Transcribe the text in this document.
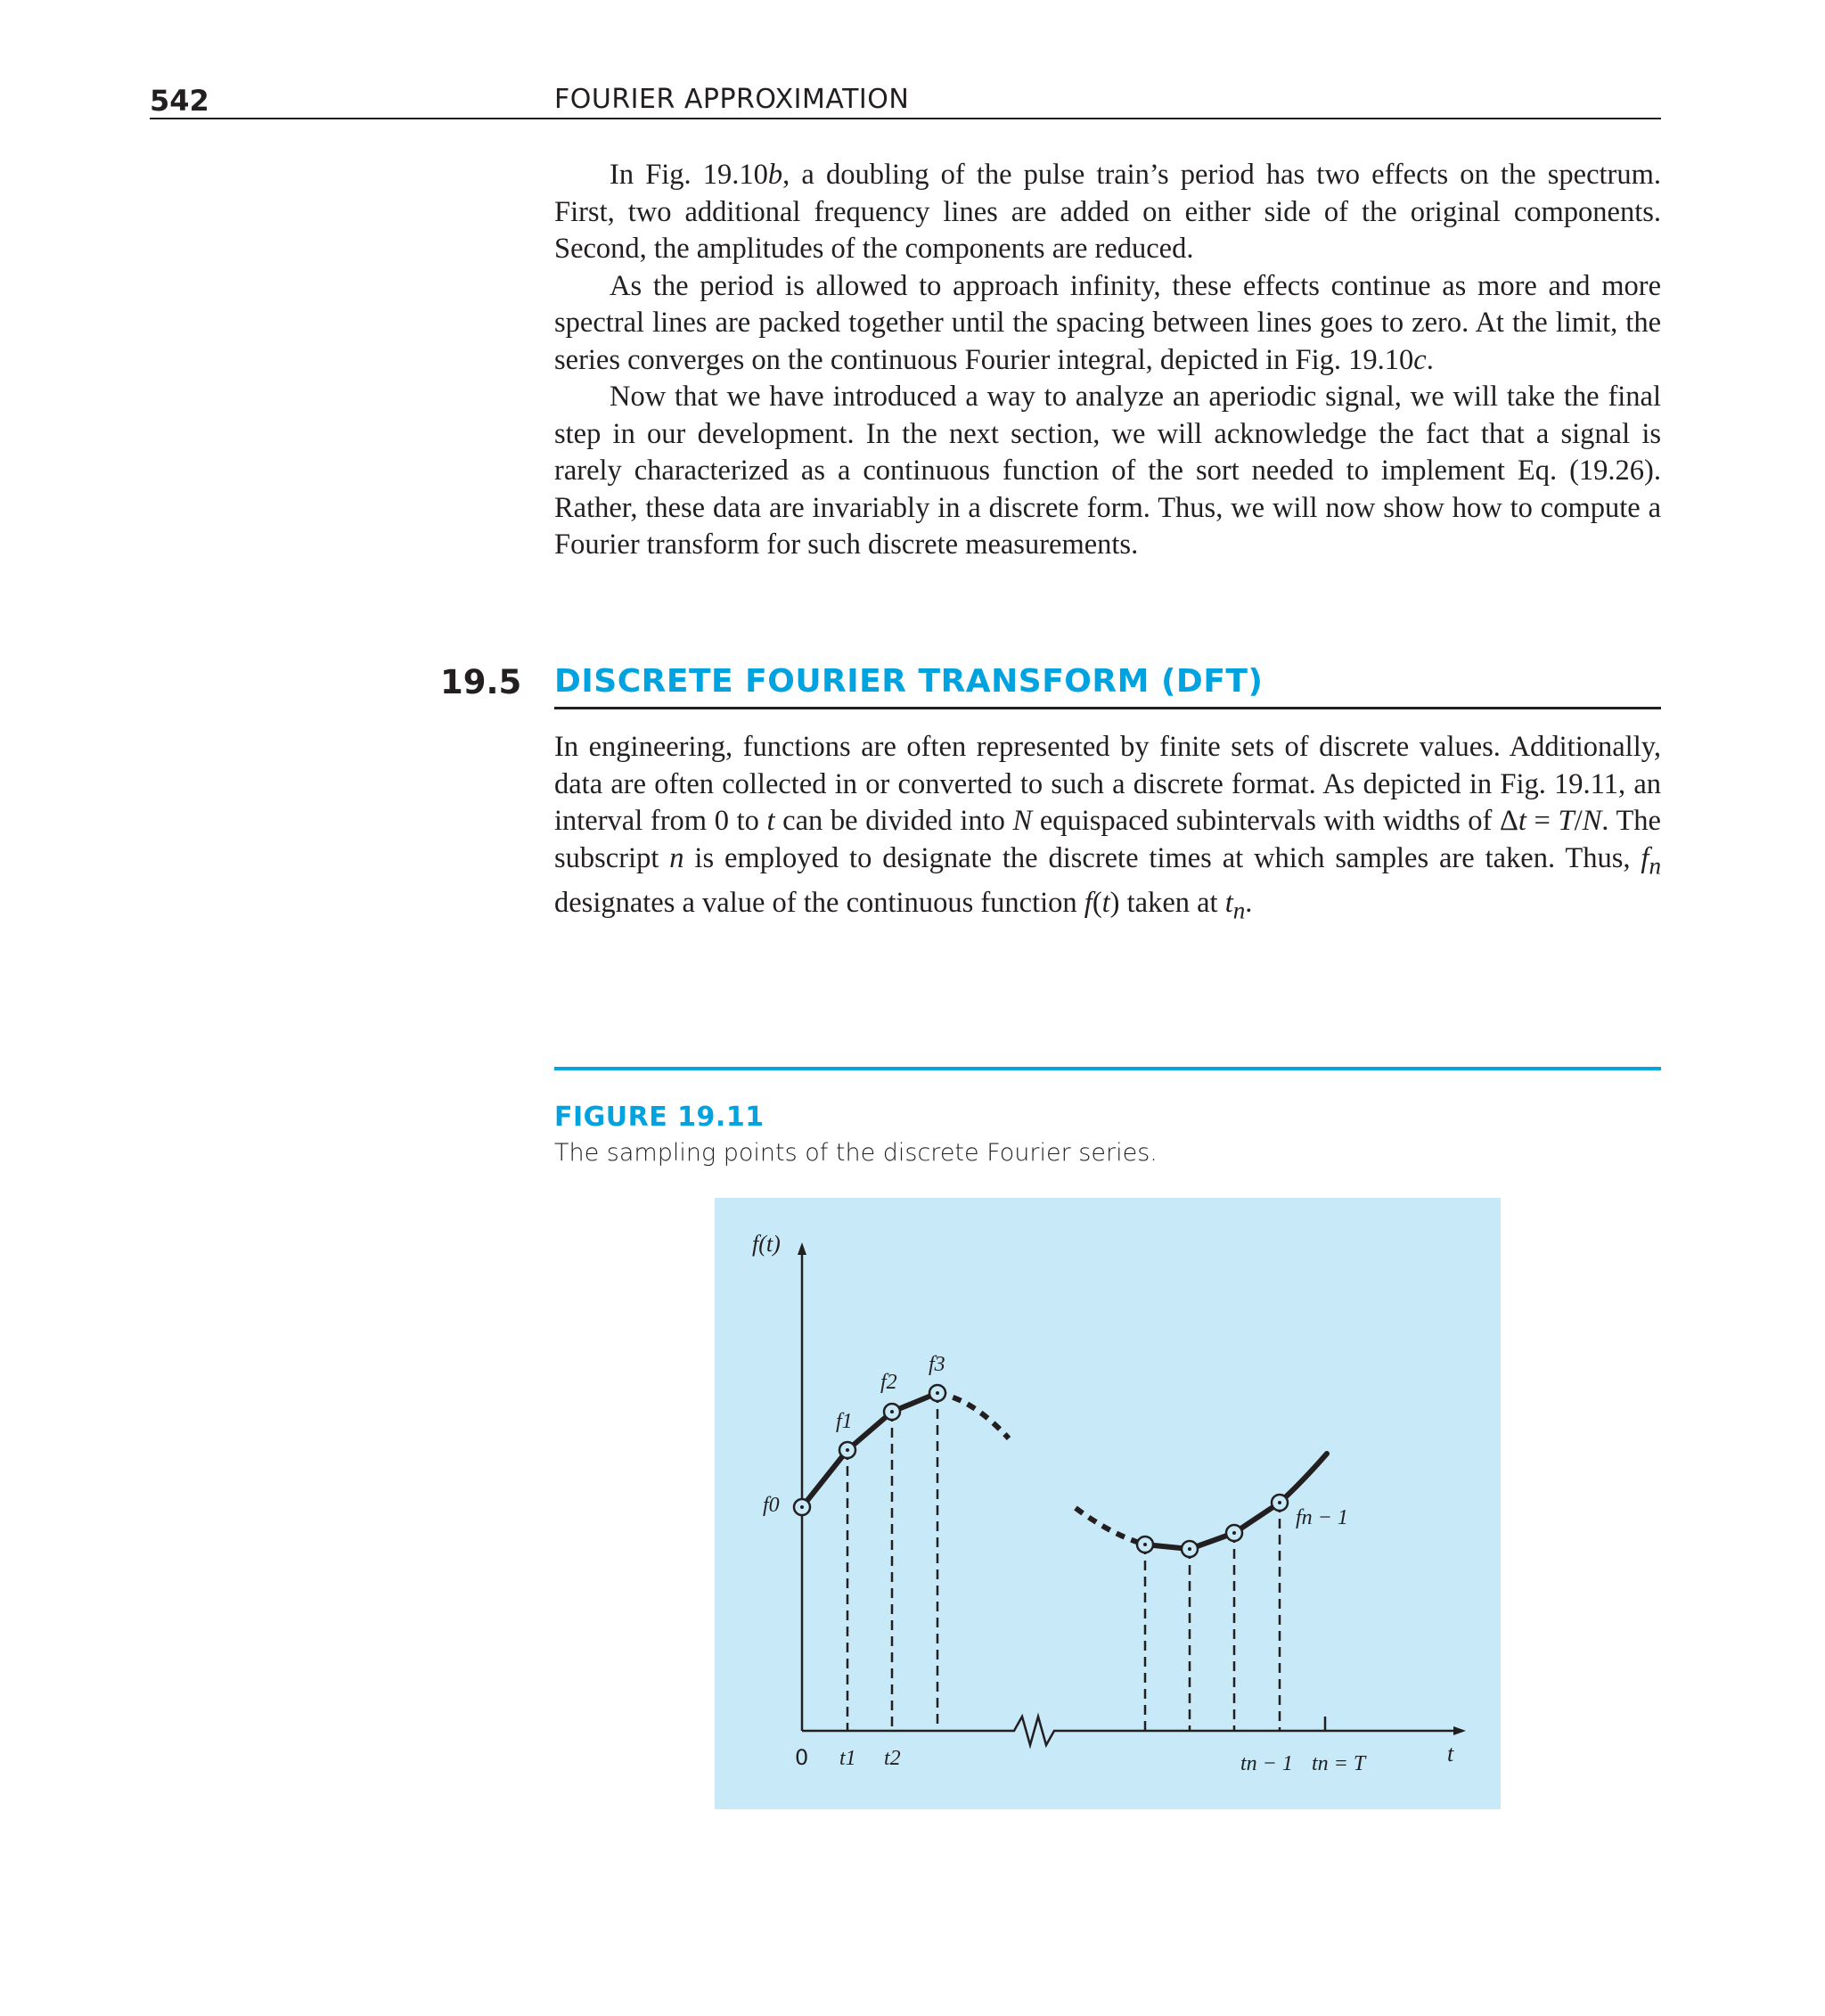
542	FOURIER APPROXIMATION

In Fig. 19.10b, a doubling of the pulse train’s period has two effects on the spectrum. First, two additional frequency lines are added on either side of the original components. Second, the amplitudes of the components are reduced.

As the period is allowed to approach infinity, these effects continue as more and more spectral lines are packed together until the spacing between lines goes to zero. At the limit, the series converges on the continuous Fourier integral, depicted in Fig. 19.10c.

Now that we have introduced a way to analyze an aperiodic signal, we will take the final step in our development. In the next section, we will acknowledge the fact that a signal is rarely characterized as a continuous function of the sort needed to implement Eq. (19.26). Rather, these data are invariably in a discrete form. Thus, we will now show how to compute a Fourier transform for such discrete measurements.

19.5 DISCRETE FOURIER TRANSFORM (DFT)

In engineering, functions are often represented by finite sets of discrete values. Additionally, data are often collected in or converted to such a discrete format. As depicted in Fig. 19.11, an interval from 0 to t can be divided into N equispaced subintervals with widths of Δt = T/N. The subscript n is employed to designate the discrete times at which samples are taken. Thus, $f_n$ designates a value of the continuous function f(t) taken at $t_n$.

FIGURE 19.11
The sampling points of the discrete Fourier series.
f(t)
t
0
f0
f1
f2
f3
fn − 1
t1 t2	tn − 1 tn = T
